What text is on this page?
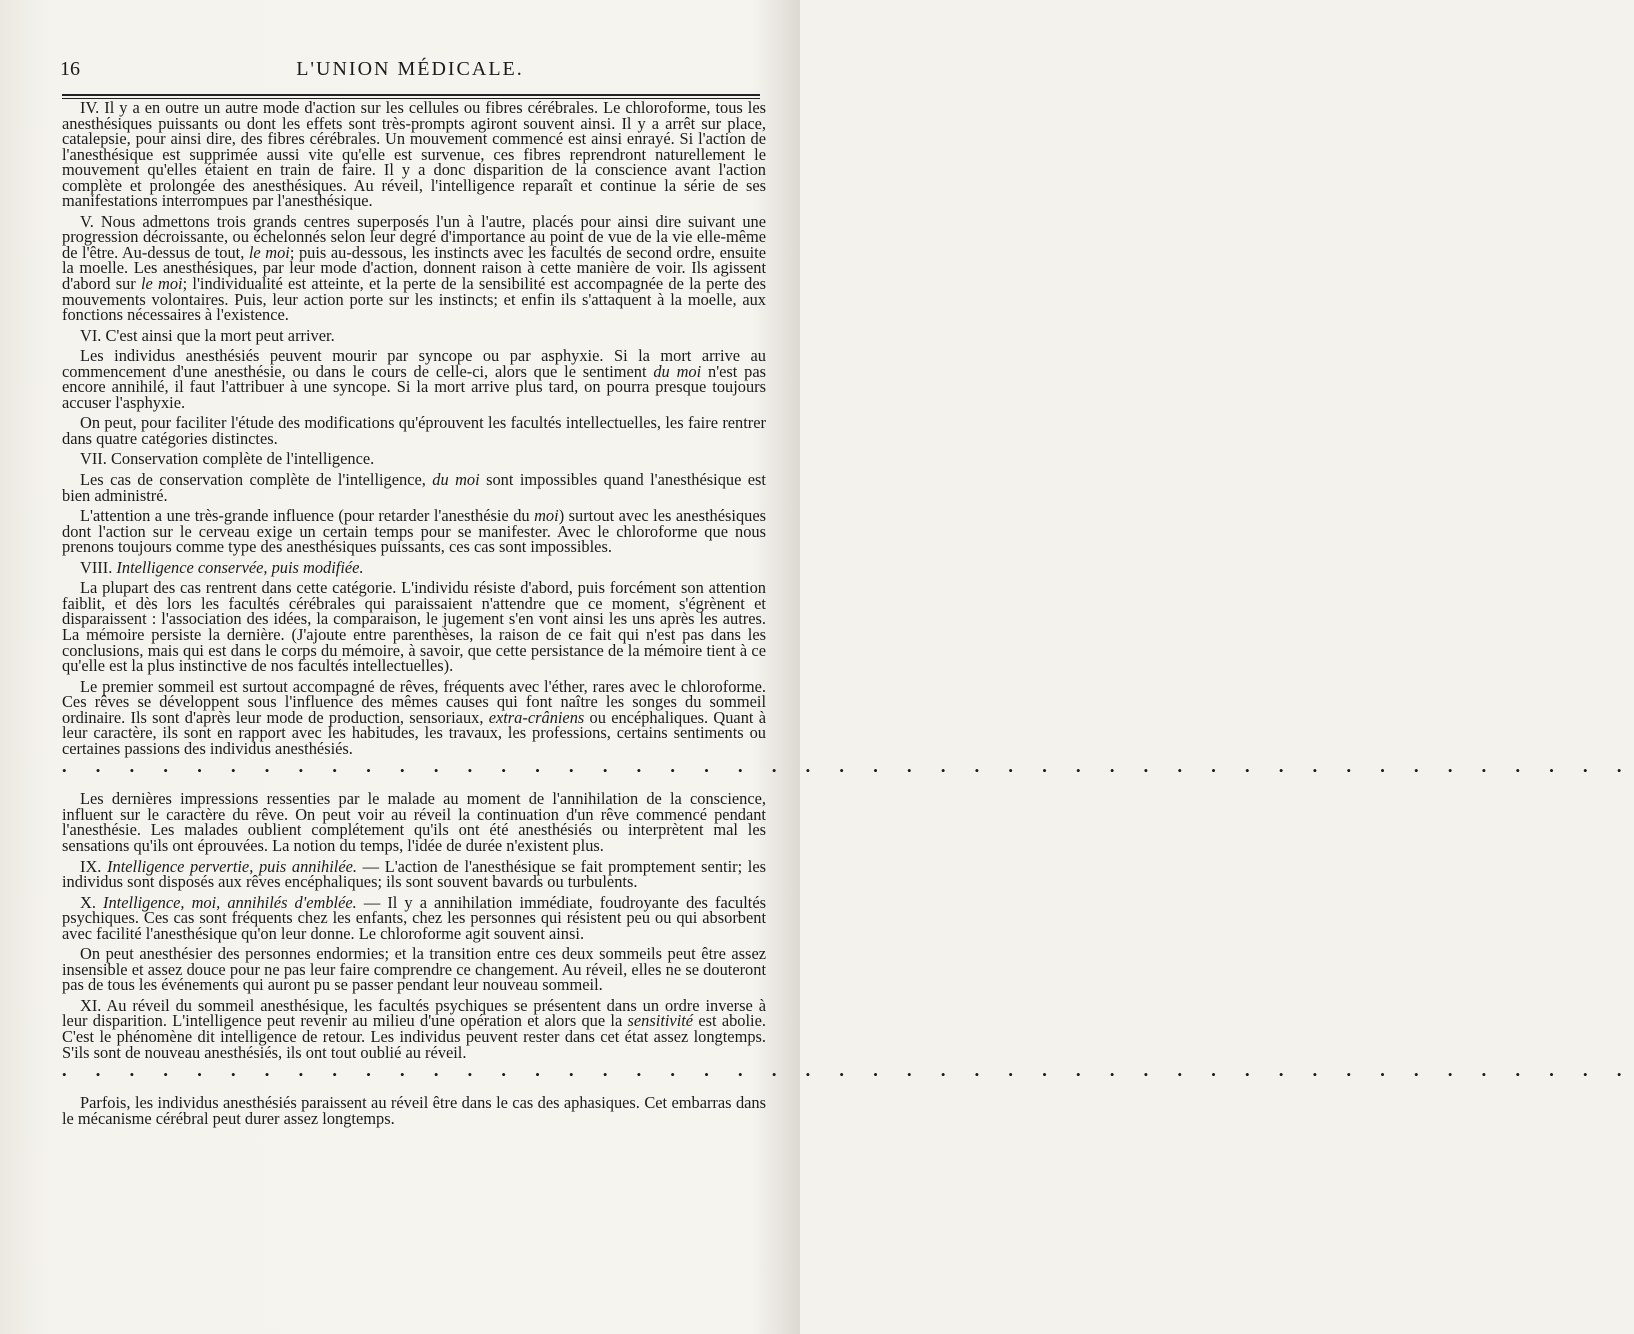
16	L'UNION MÉDICALE.

IV. Il y a en outre un autre mode d'action sur les cellules ou fibres cérébrales. Le chloroforme, tous les anesthésiques puissants ou dont les effets sont très-prompts agiront souvent ainsi. Il y a arrêt sur place, catalepsie, pour ainsi dire, des fibres cérébrales. Un mouvement commencé est ainsi enrayé. Si l'action de l'anesthésique est supprimée aussi vite qu'elle est survenue, ces fibres reprendront naturellement le mouvement qu'elles étaient en train de faire. Il y a donc disparition de la conscience avant l'action complète et prolongée des anesthésiques. Au réveil, l'intelligence reparaît et continue la série de ses manifestations interrompues par l'anesthésique.

V. Nous admettons trois grands centres superposés l'un à l'autre, placés pour ainsi dire suivant une progression décroissante, ou échelonnés selon leur degré d'importance au point de vue de la vie elle-même de l'être. Au-dessus de tout, le moi; puis au-dessous, les instincts avec les facultés de second ordre, ensuite la moelle. Les anesthésiques, par leur mode d'action, donnent raison à cette manière de voir. Ils agissent d'abord sur le moi; l'individualité est atteinte, et la perte de la sensibilité est accompagnée de la perte des mouvements volontaires. Puis, leur action porte sur les instincts; et enfin ils s'attaquent à la moelle, aux fonctions nécessaires à l'existence.

VI. C'est ainsi que la mort peut arriver.

Les individus anesthésiés peuvent mourir par syncope ou par asphyxie. Si la mort arrive au commencement d'une anesthésie, ou dans le cours de celle-ci, alors que le sentiment du moi n'est pas encore annihilé, il faut l'attribuer à une syncope. Si la mort arrive plus tard, on pourra presque toujours accuser l'asphyxie.

On peut, pour faciliter l'étude des modifications qu'éprouvent les facultés intellectuelles, les faire rentrer dans quatre catégories distinctes.

VII. Conservation complète de l'intelligence.

Les cas de conservation complète de l'intelligence, du moi sont impossibles quand l'anesthésique est bien administré.

L'attention a une très-grande influence (pour retarder l'anesthésie du moi) surtout avec les anesthésiques dont l'action sur le cerveau exige un certain temps pour se manifester. Avec le chloroforme que nous prenons toujours comme type des anesthésiques puissants, ces cas sont impossibles.

VIII. Intelligence conservée, puis modifiée.

La plupart des cas rentrent dans cette catégorie. L'individu résiste d'abord, puis forcément son attention faiblit, et dès lors les facultés cérébrales qui paraissaient n'attendre que ce moment, s'égrènent et disparaissent : l'association des idées, la comparaison, le jugement s'en vont ainsi les uns après les autres. La mémoire persiste la dernière. (J'ajoute entre parenthèses, la raison de ce fait qui n'est pas dans les conclusions, mais qui est dans le corps du mémoire, à savoir, que cette persistance de la mémoire tient à ce qu'elle est la plus instinctive de nos facultés intellectuelles).

Le premier sommeil est surtout accompagné de rêves, fréquents avec l'éther, rares avec le chloroforme. Ces rêves se développent sous l'influence des mêmes causes qui font naître les songes du sommeil ordinaire. Ils sont d'après leur mode de production, sensoriaux, extra-crâniens ou encéphaliques. Quant à leur caractère, ils sont en rapport avec les habitudes, les travaux, les professions, certains sentiments ou certaines passions des individus anesthésiés.

• • • • • • • • • • • • • • • • • • • • • • • • • • • • • • • • • • • • • • • • • • • • • • •

Les dernières impressions ressenties par le malade au moment de l'annihilation de la conscience, influent sur le caractère du rêve. On peut voir au réveil la continuation d'un rêve commencé pendant l'anesthésie. Les malades oublient complétement qu'ils ont été anesthésiés ou interprètent mal les sensations qu'ils ont éprouvées. La notion du temps, l'idée de durée n'existent plus.

IX. Intelligence pervertie, puis annihilée. — L'action de l'anesthésique se fait promptement sentir; les individus sont disposés aux rêves encéphaliques; ils sont souvent bavards ou turbulents.

X. Intelligence, moi, annihilés d'emblée. — Il y a annihilation immédiate, foudroyante des facultés psychiques. Ces cas sont fréquents chez les enfants, chez les personnes qui résistent peu ou qui absorbent avec facilité l'anesthésique qu'on leur donne. Le chloroforme agit souvent ainsi.

On peut anesthésier des personnes endormies; et la transition entre ces deux sommeils peut être assez insensible et assez douce pour ne pas leur faire comprendre ce changement. Au réveil, elles ne se douteront pas de tous les événements qui auront pu se passer pendant leur nouveau sommeil.

XI. Au réveil du sommeil anesthésique, les facultés psychiques se présentent dans un ordre inverse à leur disparition. L'intelligence peut revenir au milieu d'une opération et alors que la sensitivité est abolie. C'est le phénomène dit intelligence de retour. Les individus peuvent rester dans cet état assez longtemps. S'ils sont de nouveau anesthésiés, ils ont tout oublié au réveil.

• • • • • • • • • • • • • • • • • • • • • • • • • • • • • • • • • • • • • • • • • • • • • • •

Parfois, les individus anesthésiés paraissent au réveil être dans le cas des aphasiques. Cet embarras dans le mécanisme cérébral peut durer assez longtemps.
